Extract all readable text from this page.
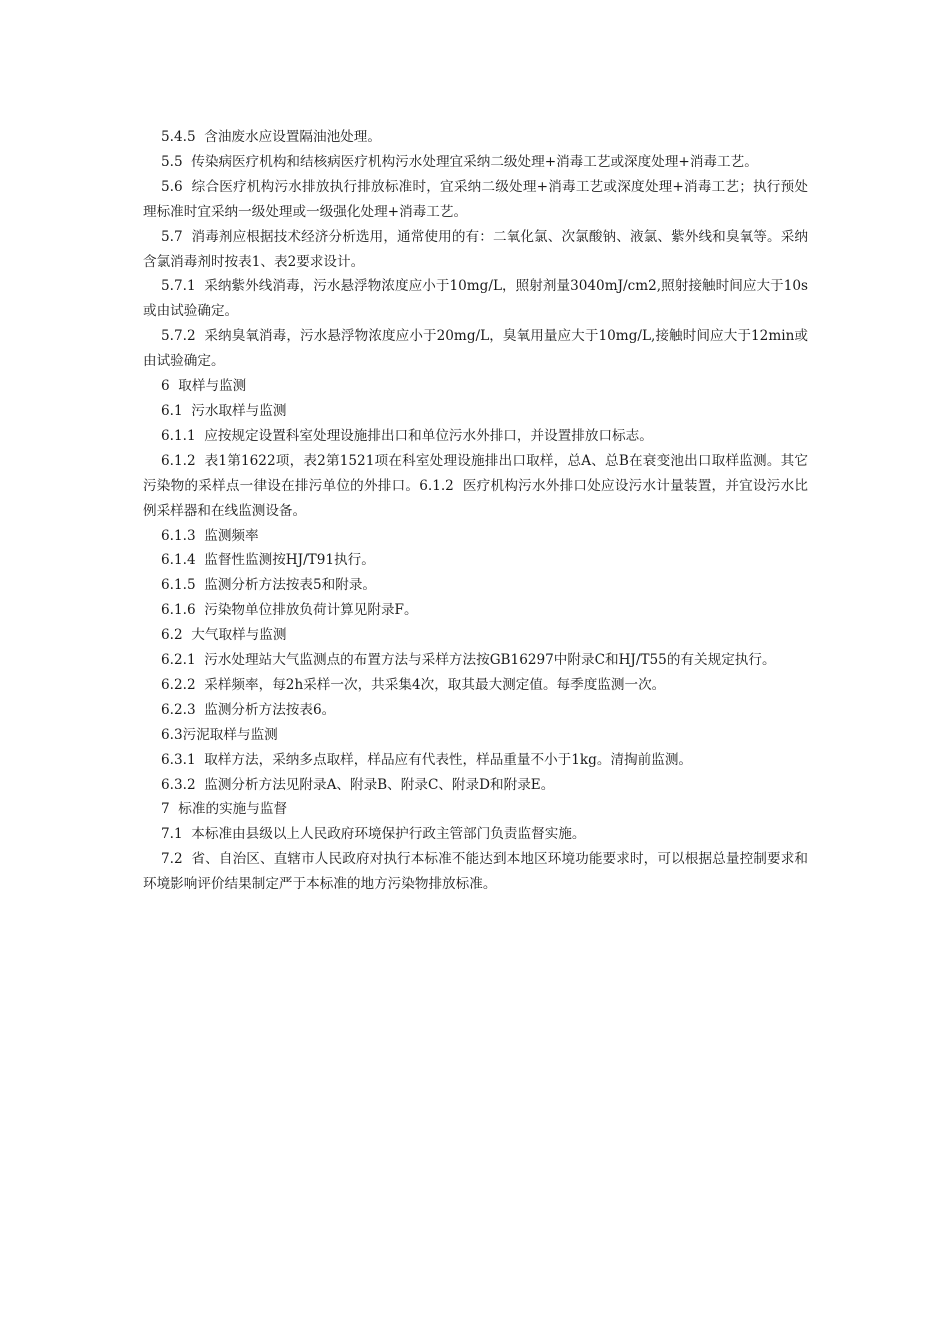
5.4.5  含油废水应设置隔油池处理。

5.5  传染病医疗机构和结核病医疗机构污水处理宜采纳二级处理+消毒工艺或深度处理+消毒工艺。

5.6  综合医疗机构污水排放执行排放标准时，宜采纳二级处理+消毒工艺或深度处理+消毒工艺；执行预处理标准时宜采纳一级处理或一级强化处理+消毒工艺。

5.7  消毒剂应根据技术经济分析选用，通常使用的有：二氧化氯、次氯酸钠、液氯、紫外线和臭氧等。采纳含氯消毒剂时按表1、表2要求设计。

5.7.1  采纳紫外线消毒，污水悬浮物浓度应小于10mg/L，照射剂量3040mJ/cm2,照射接触时间应大于10s或由试验确定。

5.7.2  采纳臭氧消毒，污水悬浮物浓度应小于20mg/L，臭氧用量应大于10mg/L,接触时间应大于12min或由试验确定。

6  取样与监测

6.1  污水取样与监测

6.1.1  应按规定设置科室处理设施排出口和单位污水外排口，并设置排放口标志。

6.1.2  表1第1622项，表2第1521项在科室处理设施排出口取样，总A、总B在衰变池出口取样监测。其它污染物的采样点一律设在排污单位的外排口。6.1.2  医疗机构污水外排口处应设污水计量装置，并宜设污水比例采样器和在线监测设备。

6.1.3  监测频率

6.1.4  监督性监测按HJ/T91执行。

6.1.5  监测分析方法按表5和附录。

6.1.6  污染物单位排放负荷计算见附录F。

6.2  大气取样与监测

6.2.1  污水处理站大气监测点的布置方法与采样方法按GB16297中附录C和HJ/T55的有关规定执行。

6.2.2  采样频率，每2h采样一次，共采集4次，取其最大测定值。每季度监测一次。

6.2.3  监测分析方法按表6。

6.3污泥取样与监测

6.3.1  取样方法，采纳多点取样，样品应有代表性，样品重量不小于1kg。清掏前监测。

6.3.2  监测分析方法见附录A、附录B、附录C、附录D和附录E。

7  标准的实施与监督

7.1  本标准由县级以上人民政府环境保护行政主管部门负责监督实施。

7.2  省、自治区、直辖市人民政府对执行本标准不能达到本地区环境功能要求时，可以根据总量控制要求和环境影响评价结果制定严于本标准的地方污染物排放标准。
